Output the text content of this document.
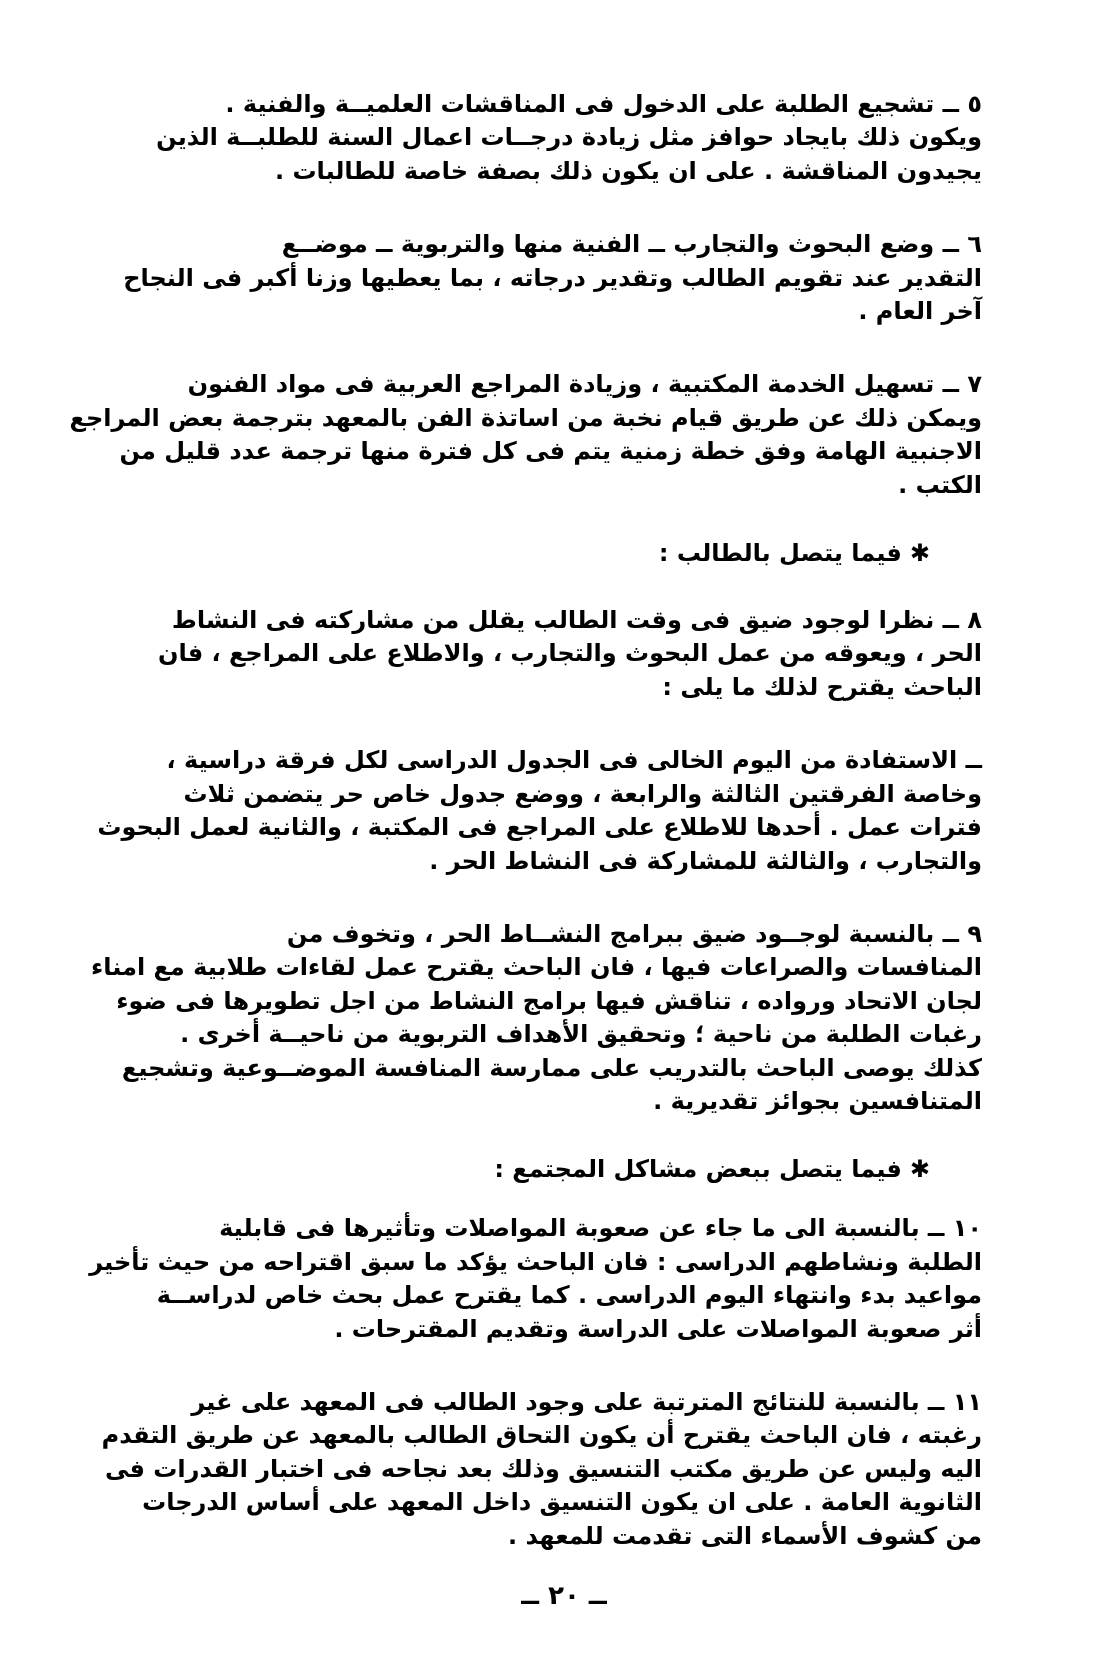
٥ ــ تشجيع الطلبة على الدخول فى المناقشات العلميــة والفنية .
ويكون ذلك بايجاد حوافز مثل زيادة درجــات اعمال السنة للطلبــة الذين
يجيدون المناقشة . على ان يكون ذلك بصفة خاصة للطالبات .

٦ ــ وضع البحوث والتجارب ــ الفنية منها والتربوية ــ موضــع
التقدير عند تقويم الطالب وتقدير درجاته ، بما يعطيها وزنا أكبر فى النجاح
آخر العام .

٧ ــ تسهيل الخدمة المكتبية ، وزيادة المراجع العربية فى مواد الفنون
ويمكن ذلك عن طريق قيام نخبة من اساتذة الفن بالمعهد بترجمة بعض المراجع
الاجنبية الهامة وفق خطة زمنية يتم فى كل فترة منها ترجمة عدد قليل من
الكتب .

✱فيما يتصل بالطالب :

٨ ــ نظرا لوجود ضيق فى وقت الطالب يقلل من مشاركته فى النشاط
الحر ، ويعوقه من عمل البحوث والتجارب ، والاطلاع على المراجع ، فان
الباحث يقترح لذلك ما يلى :

ــ الاستفادة من اليوم الخالى فى الجدول الدراسى لكل فرقة دراسية ،
وخاصة الفرقتين الثالثة والرابعة ، ووضع جدول خاص حر يتضمن ثلاث
فترات عمل . أحدها للاطلاع على المراجع فى المكتبة ، والثانية لعمل البحوث
والتجارب ، والثالثة للمشاركة فى النشاط الحر .

٩ ــ بالنسبة لوجــود ضيق ببرامج النشــاط الحر ، وتخوف من
المنافسات والصراعات فيها ، فان الباحث يقترح عمل لقاءات طلابية مع امناء
لجان الاتحاد ورواده ، تناقش فيها برامج النشاط من اجل تطويرها فى ضوء
رغبات الطلبة من ناحية ؛ وتحقيق الأهداف التربوية من ناحيــة أخرى .
كذلك يوصى الباحث بالتدريب على ممارسة المنافسة الموضــوعية وتشجيع
المتنافسين بجوائز تقديرية .

✱فيما يتصل ببعض مشاكل المجتمع :

١٠ ــ بالنسبة الى ما جاء عن صعوبة المواصلات وتأثيرها فى قابلية
الطلبة ونشاطهم الدراسى : فان الباحث يؤكد ما سبق اقتراحه من حيث تأخير
مواعيد بدء وانتهاء اليوم الدراسى . كما يقترح عمل بحث خاص لدراســة
أثر صعوبة المواصلات على الدراسة وتقديم المقترحات .

١١ ــ بالنسبة للنتائج المترتبة على وجود الطالب فى المعهد على غير
رغبته ، فان الباحث يقترح أن يكون التحاق الطالب بالمعهد عن طريق التقدم
اليه وليس عن طريق مكتب التنسيق وذلك بعد نجاحه فى اختبار القدرات فى
الثانوية العامة . على ان يكون التنسيق داخل المعهد على أساس الدرجات
من كشوف الأسماء التى تقدمت للمعهد .

ــ ٢٠ ــ
